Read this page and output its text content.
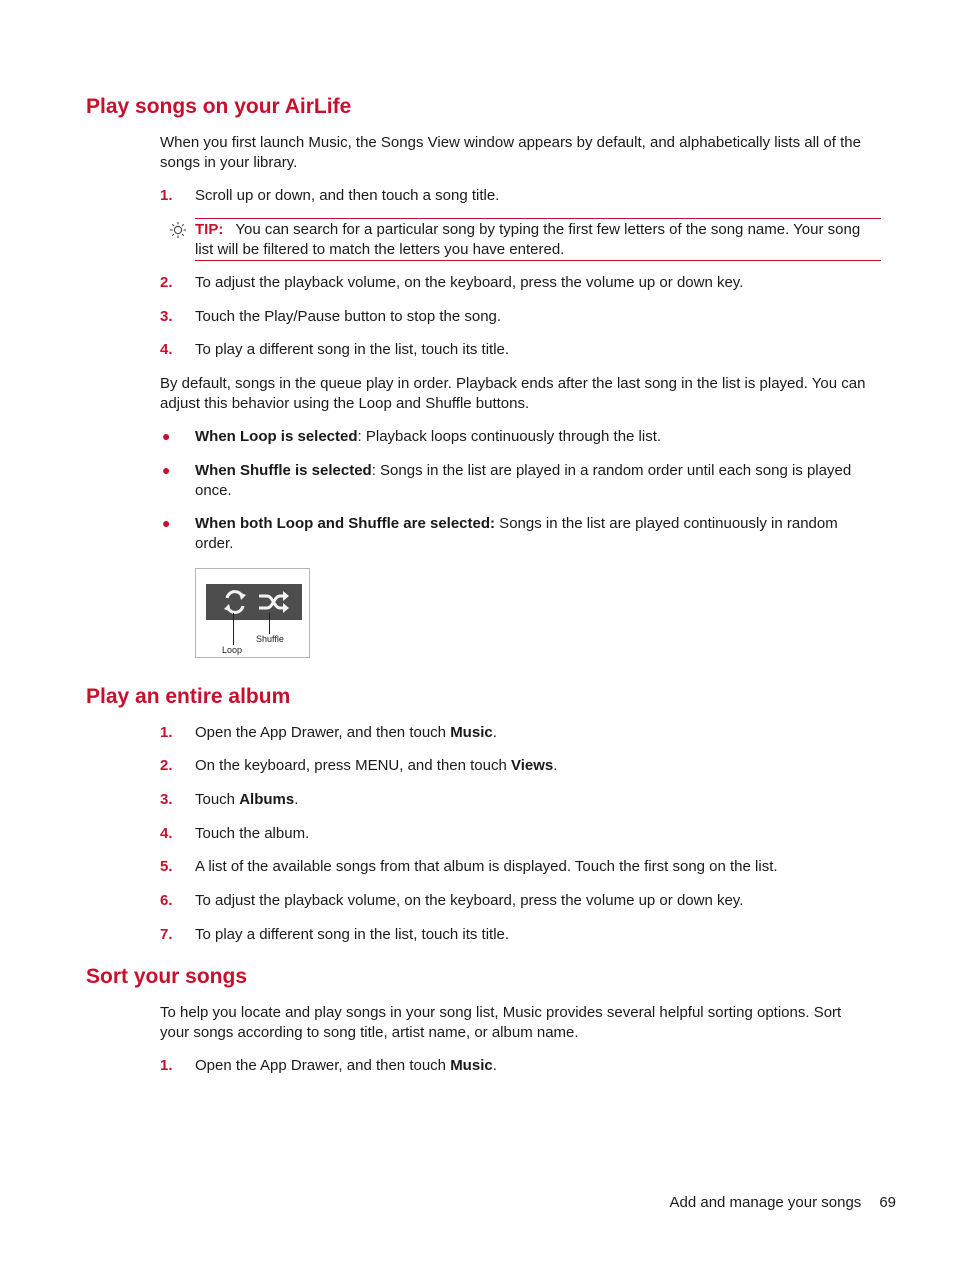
Play songs on your AirLife

When you first launch Music, the Songs View window appears by default, and alphabetically lists all of the songs in your library.

1. Scroll up or down, and then touch a song title.
TIP: You can search for a particular song by typing the first few letters of the song name. Your song list will be filtered to match the letters you have entered.
2. To adjust the playback volume, on the keyboard, press the volume up or down key.
3. Touch the Play/Pause button to stop the song.
4. To play a different song in the list, touch its title.

By default, songs in the queue play in order. Playback ends after the last song in the list is played. You can adjust this behavior using the Loop and Shuffle buttons.

● When Loop is selected: Playback loops continuously through the list.
● When Shuffle is selected: Songs in the list are played in a random order until each song is played once.
● When both Loop and Shuffle are selected: Songs in the list are played continuously in random order.
Shuffle
Loop
Play an entire album
1. Open the App Drawer, and then touch Music.
2. On the keyboard, press MENU, and then touch Views.
3. Touch Albums.
4. Touch the album.
5. A list of the available songs from that album is displayed. Touch the first song on the list.
6. To adjust the playback volume, on the keyboard, press the volume up or down key.
7. To play a different song in the list, touch its title.
Sort your songs

To help you locate and play songs in your song list, Music provides several helpful sorting options. Sort your songs according to song title, artist name, or album name.

1. Open the App Drawer, and then touch Music.
Add and manage your songs 69
